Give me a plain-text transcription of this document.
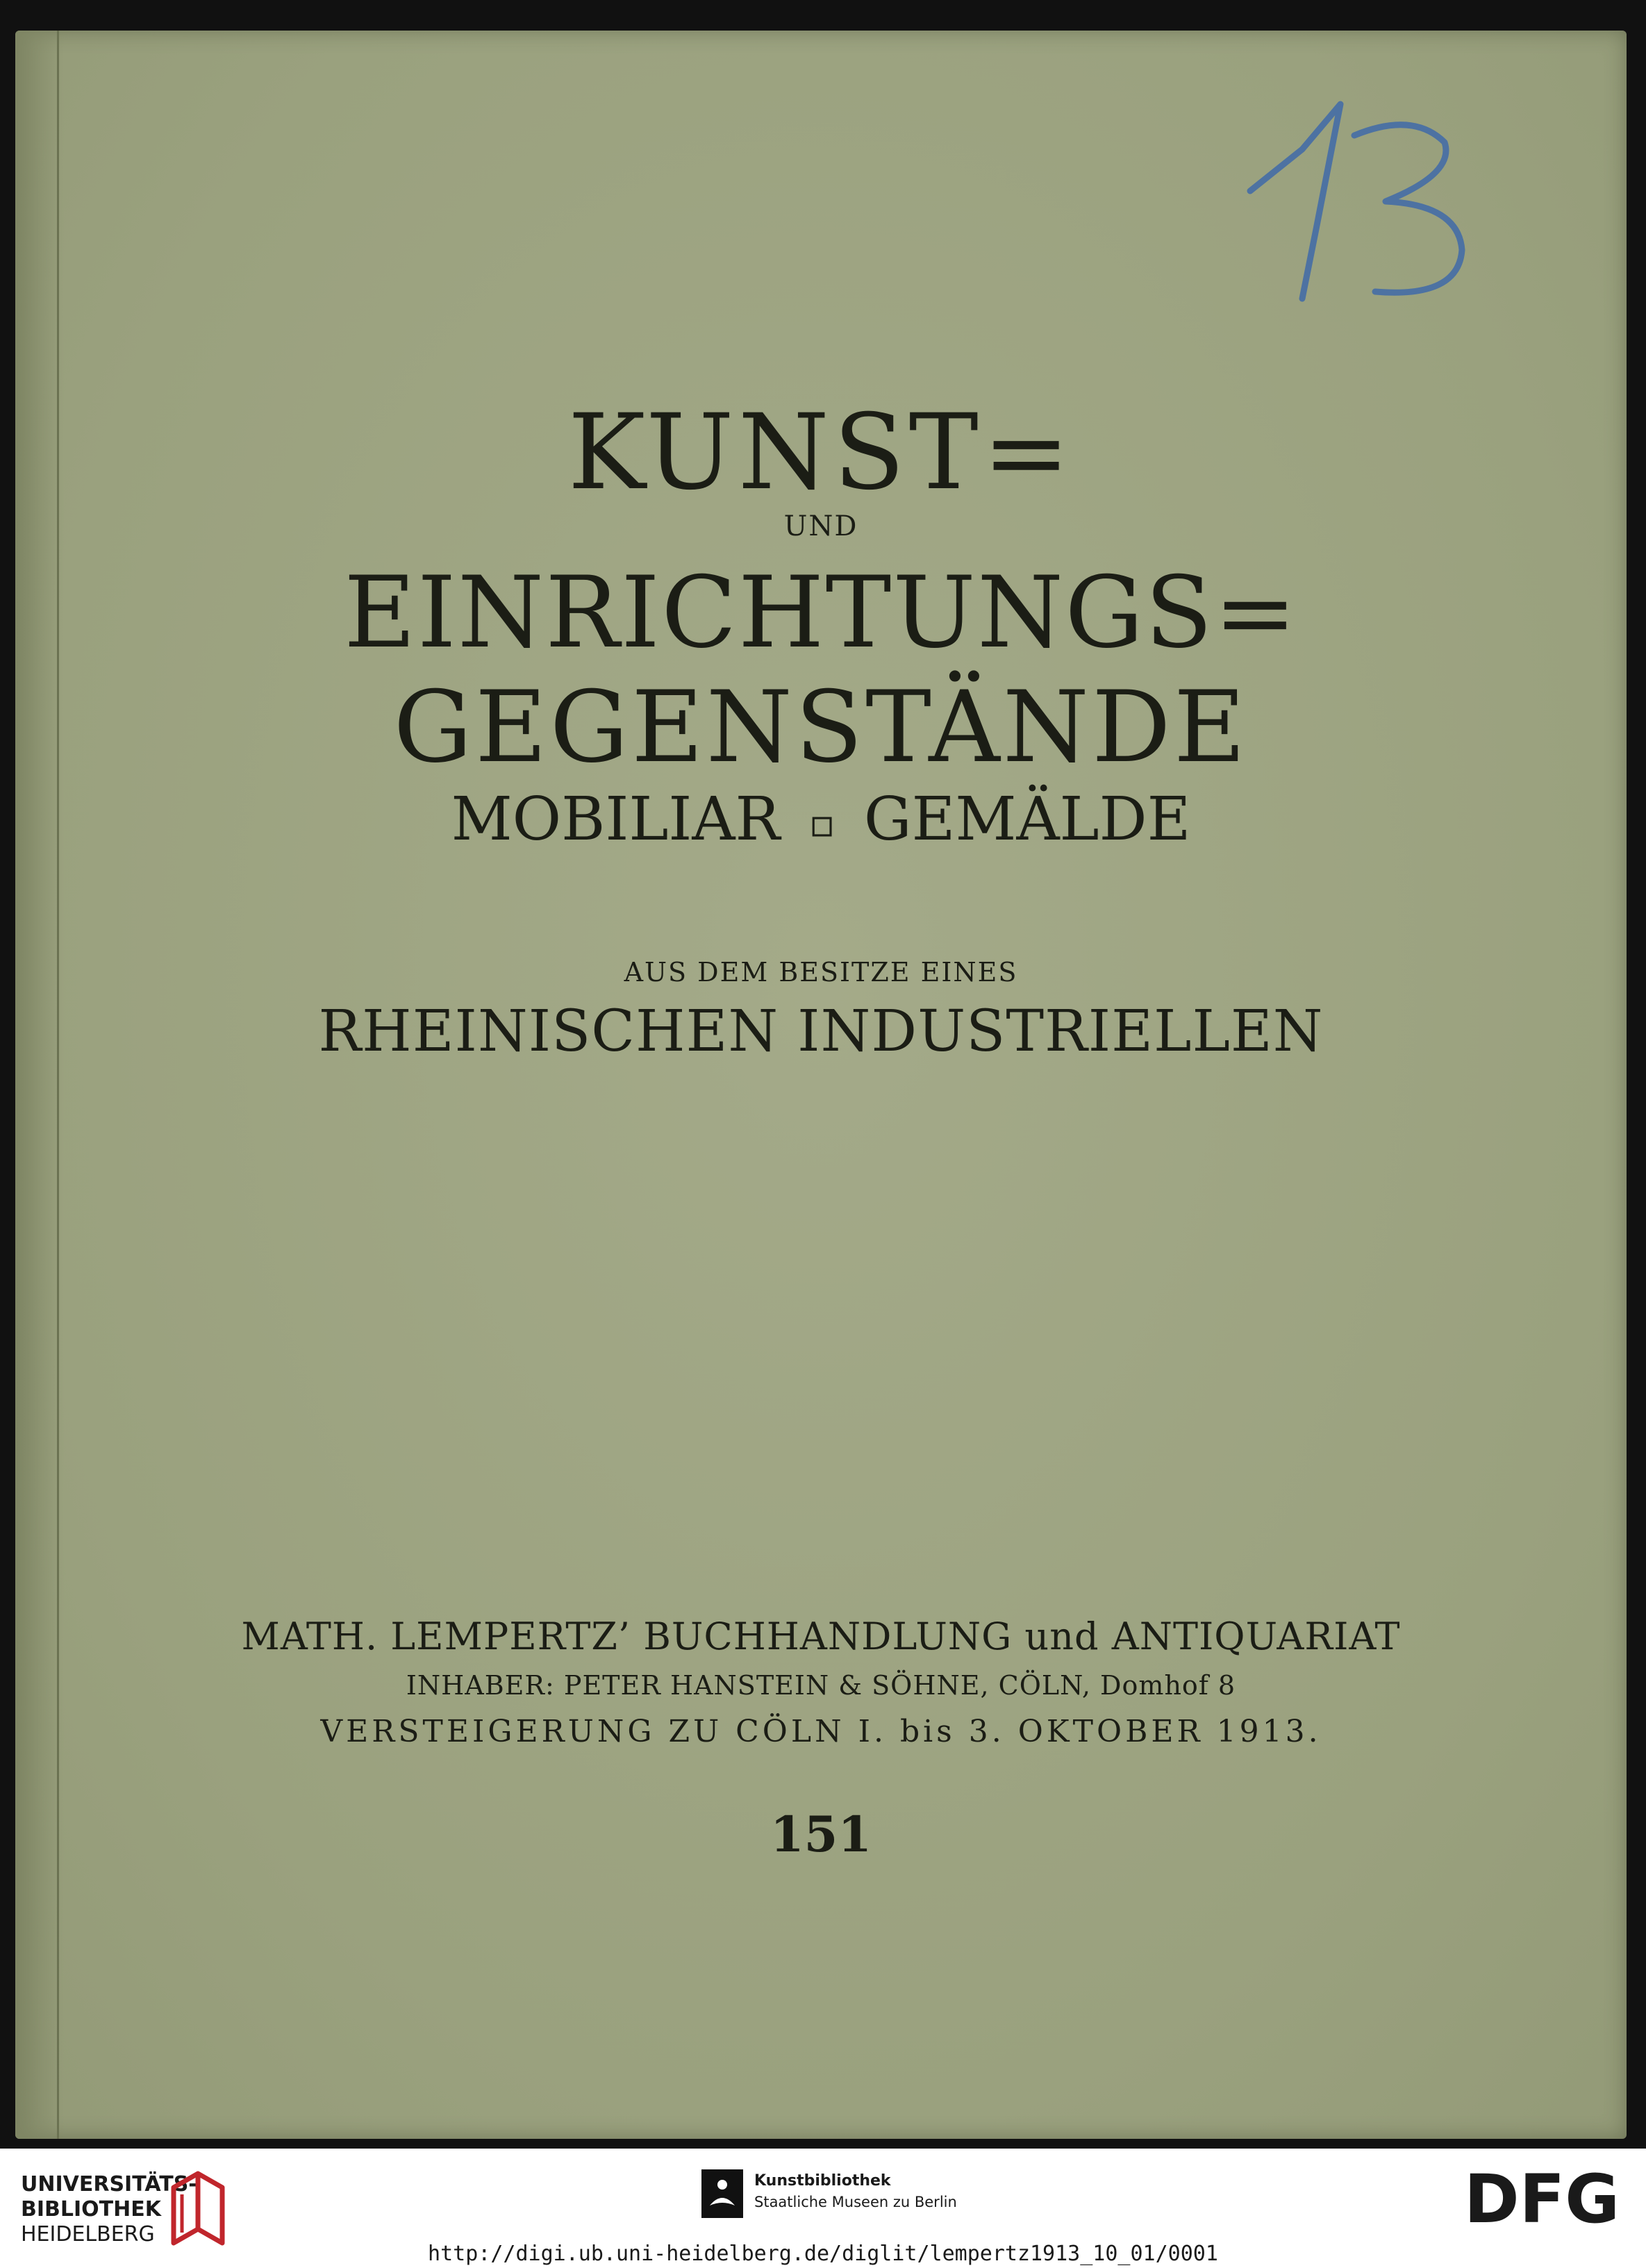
KUNST=
UND
EINRICHTUNGS=
GEGENSTÄNDE
MOBILIAR ▫ GEMÄLDE
AUS DEM BESITZE EINES
RHEINISCHEN INDUSTRIELLEN
MATH. LEMPERTZ’ BUCHHANDLUNG und ANTIQUARIAT
INHABER: PETER HANSTEIN & SÖHNE, CÖLN, Domhof 8
VERSTEIGERUNG ZU CÖLN I. bis 3. OKTOBER 1913.
151
UNIVERSITÄTS-
BIBLIOTHEK
HEIDELBERG
Kunstbibliothek
Staatliche Museen zu Berlin	DFG
http://digi.ub.uni-heidelberg.de/diglit/lempertz1913_10_01/0001
